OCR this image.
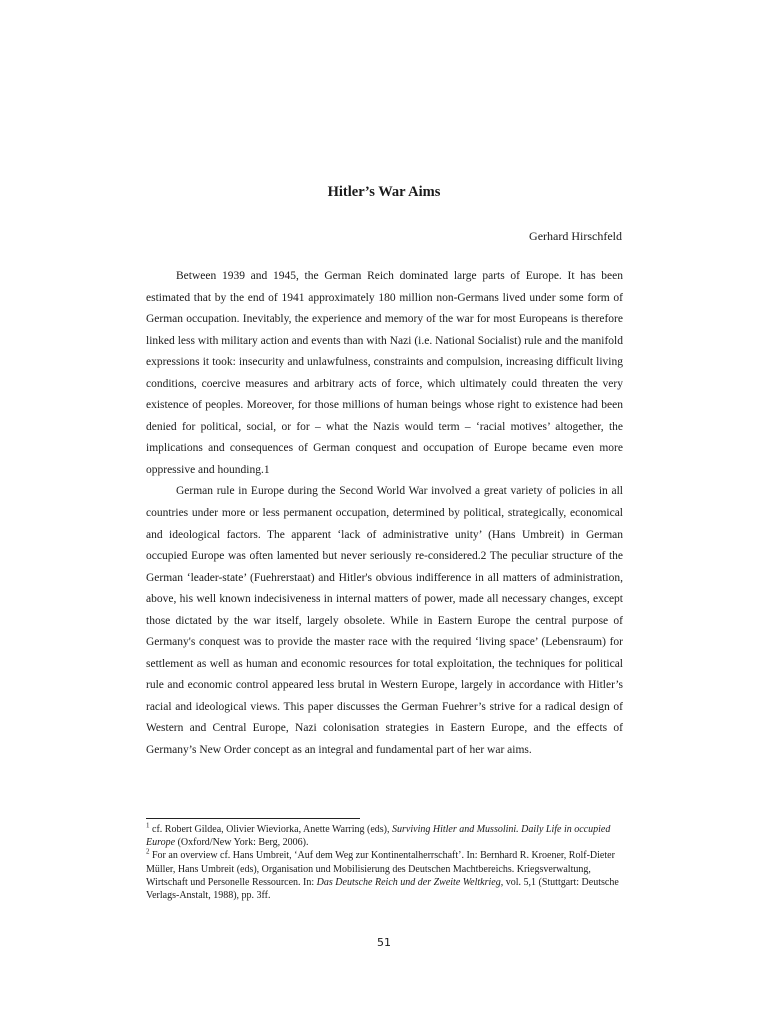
Hitler’s War Aims
Gerhard Hirschfeld

Between 1939 and 1945, the German Reich dominated large parts of Europe. It has been estimated that by the end of 1941 approximately 180 million non-Germans lived under some form of German occupation. Inevitably, the experience and memory of the war for most Europeans is therefore linked less with military action and events than with Nazi (i.e. National Socialist) rule and the manifold expressions it took: insecurity and unlawfulness, constraints and compulsion, increasing difficult living conditions, coercive measures and arbitrary acts of force, which ultimately could threaten the very existence of peoples. Moreover, for those millions of human beings whose right to existence had been denied for political, social, or for – what the Nazis would term – ‘racial motives’ altogether, the implications and consequences of German conquest and occupation of Europe became even more oppressive and hounding.1

German rule in Europe during the Second World War involved a great variety of policies in all countries under more or less permanent occupation, determined by political, strategically, economical and ideological factors. The apparent ‘lack of administrative unity’ (Hans Umbreit) in German occupied Europe was often lamented but never seriously re-considered.2 The peculiar structure of the German ‘leader-state’ (Fuehrerstaat) and Hitler's obvious indifference in all matters of administration, above, his well known indecisiveness in internal matters of power, made all necessary changes, except those dictated by the war itself, largely obsolete. While in Eastern Europe the central purpose of Germany's conquest was to provide the master race with the required ‘living space’ (Lebensraum) for settlement as well as human and economic resources for total exploitation, the techniques for political rule and economic control appeared less brutal in Western Europe, largely in accordance with Hitler’s racial and ideological views. This paper discusses the German Fuehrer’s strive for a radical design of Western and Central Europe, Nazi colonisation strategies in Eastern Europe, and the effects of Germany’s New Order concept as an integral and fundamental part of her war aims.

$^1$ cf. Robert Gildea, Olivier Wieviorka, Anette Warring (eds), Surviving Hitler and Mussolini. Daily Life in occupied Europe (Oxford/New York: Berg, 2006).

$^2$ For an overview cf. Hans Umbreit, ‘Auf dem Weg zur Kontinentalherrschaft’. In: Bernhard R. Kroener, Rolf-Dieter Müller, Hans Umbreit (eds), Organisation und Mobilisierung des Deutschen Machtbereichs. Kriegsverwaltung, Wirtschaft und Personelle Ressourcen. In: Das Deutsche Reich und der Zweite Weltkrieg, vol. 5,1 (Stuttgart: Deutsche Verlags-Anstalt, 1988), pp. 3ff.

51
